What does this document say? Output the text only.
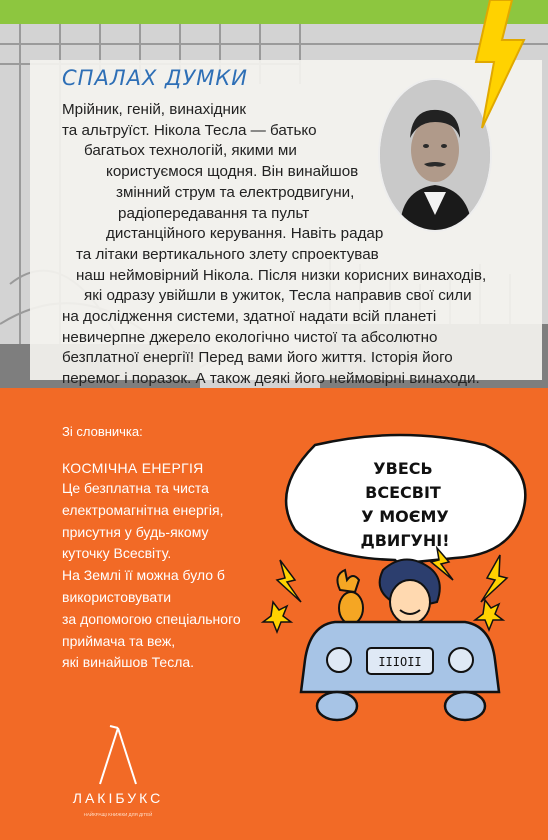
СПАЛАХ ДУМКИ
Мрійник, геній, винахідник
та альтруїст. Нікола Тесла — батько
багатьох технологій, якими ми
користуємося щодня. Він винайшов
змінний струм та електродвигуни,
радіопередавання та пульт
дистанційного керування. Навіть радар
та літаки вертикального злету спроектував
наш неймовірний Нікола. Після низки корисних винаходів,
які одразу увійшли в ужиток, Тесла направив свої сили
на дослідження системи, здатної надати всій планеті
невичерпне джерело екологічно чистої та абсолютно
безплатної енергії! Перед вами його життя. Історія його
перемог і поразок. А також деякі його неймовірні винаходи.
Зі словничка:
КОСМІЧНА ЕНЕРГІЯ
Це безплатна та чиста
електромагнітна енергія,
присутня у будь-якому
куточку Всесвіту.
На Землі її можна було б
використовувати
за допомогою спеціального
приймача та веж,
які винайшов Тесла.
УВЕСЬ
ВСЕСВІТ
У МОЄМУ
ДВИГУНІ!
ІІІОІІ
ЛАКІБУКС
НАЙКРАЩІ КНИЖКИ ДЛЯ ДІТЕЙ
